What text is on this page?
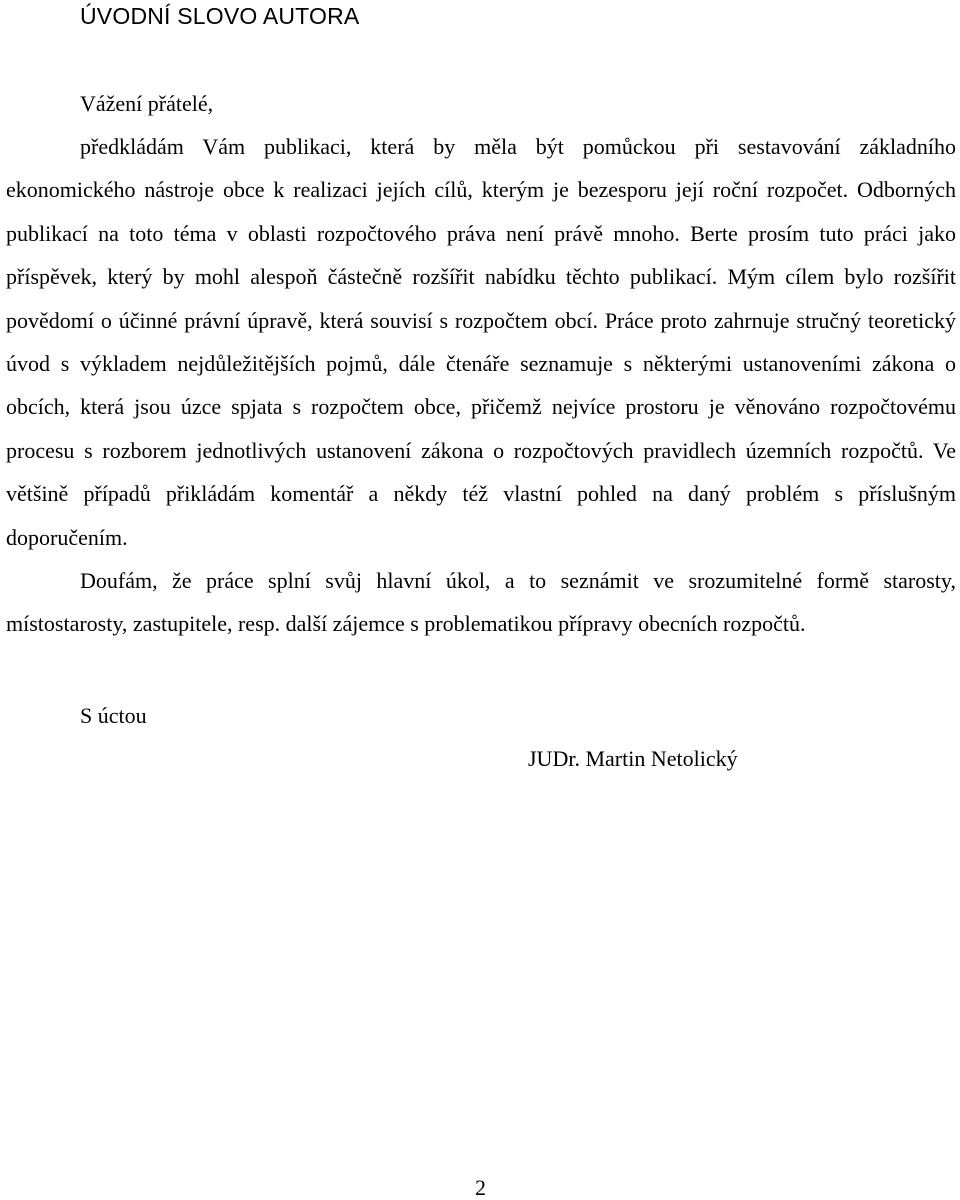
ÚVODNÍ SLOVO AUTORA

Vážení přátelé,

předkládám Vám publikaci, která by měla být pomůckou při sestavování základního ekonomického nástroje obce k realizaci jejích cílů, kterým je bezesporu její roční rozpočet. Odborných publikací na toto téma v oblasti rozpočtového práva není právě mnoho. Berte prosím tuto práci jako příspěvek, který by mohl alespoň částečně rozšířit nabídku těchto publikací. Mým cílem bylo rozšířit povědomí o účinné právní úpravě, která souvisí s rozpočtem obcí. Práce proto zahrnuje stručný teoretický úvod s výkladem nejdůležitějších pojmů, dále čtenáře seznamuje s některými ustanoveními zákona o obcích, která jsou úzce spjata s rozpočtem obce, přičemž nejvíce prostoru je věnováno rozpočtovému procesu s rozborem jednotlivých ustanovení zákona o rozpočtových pravidlech územních rozpočtů. Ve většině případů přikládám komentář a někdy též vlastní pohled na daný problém s příslušným doporučením.

Doufám, že práce splní svůj hlavní úkol, a to seznámit ve srozumitelné formě starosty, místostarosty, zastupitele, resp. další zájemce s problematikou přípravy obecních rozpočtů.

S úctou

JUDr. Martin Netolický

2
